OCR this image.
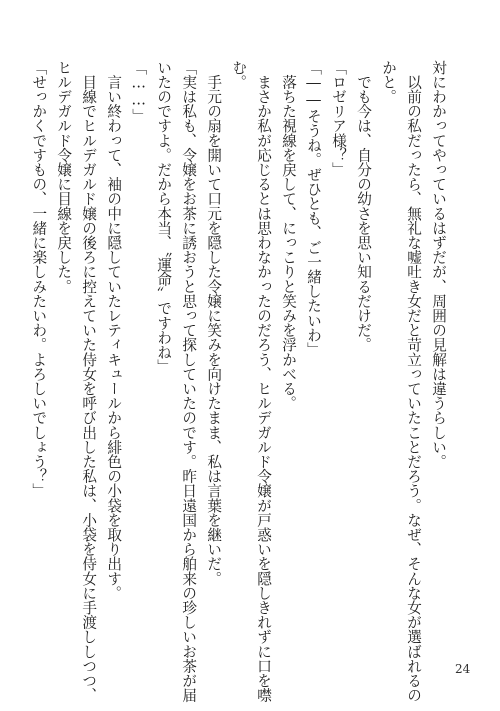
対にわかってやっているはずだが、周囲の見解は違うらしい。
　以前の私だったら、無礼な嘘吐き女だと苛立っていたことだろう。なぜ、そんな女が選ばれるの
かと。
　でも今は、自分の幼さを思い知るだけだ。
「ロゼリア様？」
「――そうね。ぜひとも、ご一緒したいわ」
　落ちた視線を戻して、にっこりと笑みを浮かべる。
　まさか私が応じるとは思わなかったのだろう、ヒルデガルド令嬢が戸惑いを隠しきれずに口を噤
む。
　手元の扇を開いて口元を隠した令嬢に笑みを向けたまま、私は言葉を継いだ。
「実は私も、令嬢をお茶に誘おうと思って探していたのです。昨日遠国から舶来の珍しいお茶が届
いたのですよ。だから本当、〝運命〟ですわね」
「……」
　言い終わって、袖の中に隠していたレティキュールから緋色の小袋を取り出す。
　目線でヒルデガルド嬢の後ろに控えていた侍女を呼び出した私は、小袋を侍女に手渡ししつつ、
ヒルデガルド令嬢に目線を戻した。
「せっかくですもの、一緒に楽しみたいわ。よろしいでしょう？」
24
